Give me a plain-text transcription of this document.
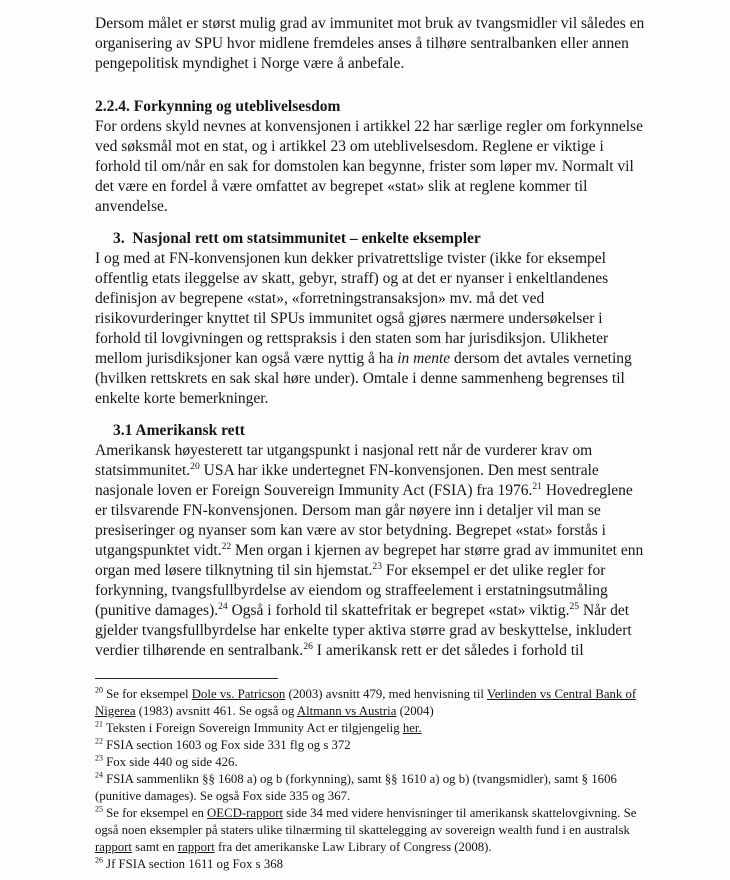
Dersom målet er størst mulig grad av immunitet mot bruk av tvangsmidler vil således en organisering av SPU hvor midlene fremdeles anses å tilhøre sentralbanken eller annen pengepolitisk myndighet i Norge være å anbefale.

2.2.4. Forkynning og uteblivelsesdom

For ordens skyld nevnes at konvensjonen i artikkel 22 har særlige regler om forkynnelse ved søksmål mot en stat, og i artikkel 23 om uteblivelsesdom. Reglene er viktige i forhold til om/når en sak for domstolen kan begynne, frister som løper mv. Normalt vil det være en fordel å være omfattet av begrepet «stat» slik at reglene kommer til anvendelse.

3.  Nasjonal rett om statsimmunitet – enkelte eksempler

I og med at FN-konvensjonen kun dekker privatrettslige tvister (ikke for eksempel offentlig etats ileggelse av skatt, gebyr, straff) og at det er nyanser i enkeltlandenes definisjon av begrepene «stat», «forretningstransaksjon» mv. må det ved risikovurderinger knyttet til SPUs immunitet også gjøres nærmere undersøkelser i forhold til lovgivningen og rettspraksis i den staten som har jurisdiksjon. Ulikheter mellom jurisdiksjoner kan også være nyttig å ha in mente dersom det avtales verneting (hvilken rettskrets en sak skal høre under). Omtale i denne sammenheng begrenses til enkelte korte bemerkninger.

3.1 Amerikansk rett

Amerikansk høyesterett tar utgangspunkt i nasjonal rett når de vurderer krav om statsimmunitet.$^{20}$ USA har ikke undertegnet FN-konvensjonen. Den mest sentrale nasjonale loven er Foreign Souvereign Immunity Act (FSIA) fra 1976.21 Hovedreglene er tilsvarende FN-konvensjonen. Dersom man går nøyere inn i detaljer vil man se presiseringer og nyanser som kan være av stor betydning. Begrepet «stat» forstås i utgangspunktet vidt.$^{22}$ Men organ i kjernen av begrepet har større grad av immunitet enn organ med løsere tilknytning til sin hjemstat.$^{23}$ For eksempel er det ulike regler for forkynning, tvangsfullbyrdelse av eiendom og straffeelement i erstatningsutmåling (punitive damages).$^{24}$ Også i forhold til skattefritak er begrepet «stat» viktig.$^{25}$ Når det gjelder tvangsfullbyrdelse har enkelte typer aktiva større grad av beskyttelse, inkludert verdier tilhørende en sentralbank.$^{26}$ I amerikansk rett er det således i forhold til

$^{20}$ Se for eksempel Dole vs. Patricson (2003) avsnitt 479, med henvisning til Verlinden vs Central Bank of Nigerea (1983) avsnitt 461. Se også og Altmann vs Austria (2004)

$^{21}$ Teksten i Foreign Sovereign Immunity Act er tilgjengelig her.

$^{22}$ FSIA section 1603 og Fox side 331 flg og s 372

$^{23}$ Fox side 440 og side 426.

$^{24}$ FSIA sammenlikn §§ 1608 a) og b (forkynning), samt §§ 1610 a) og b) (tvangsmidler), samt § 1606 (punitive damages). Se også Fox side 335 og 367.

$^{25}$ Se for eksempel en OECD-rapport side 34 med videre henvisninger til amerikansk skattelovgivning. Se også noen eksempler på staters ulike tilnærming til skattelegging av sovereign wealth fund i en australsk rapport samt en rapport fra det amerikanske Law Library of Congress (2008).

$^{26}$ Jf FSIA section 1611 og Fox s 368
